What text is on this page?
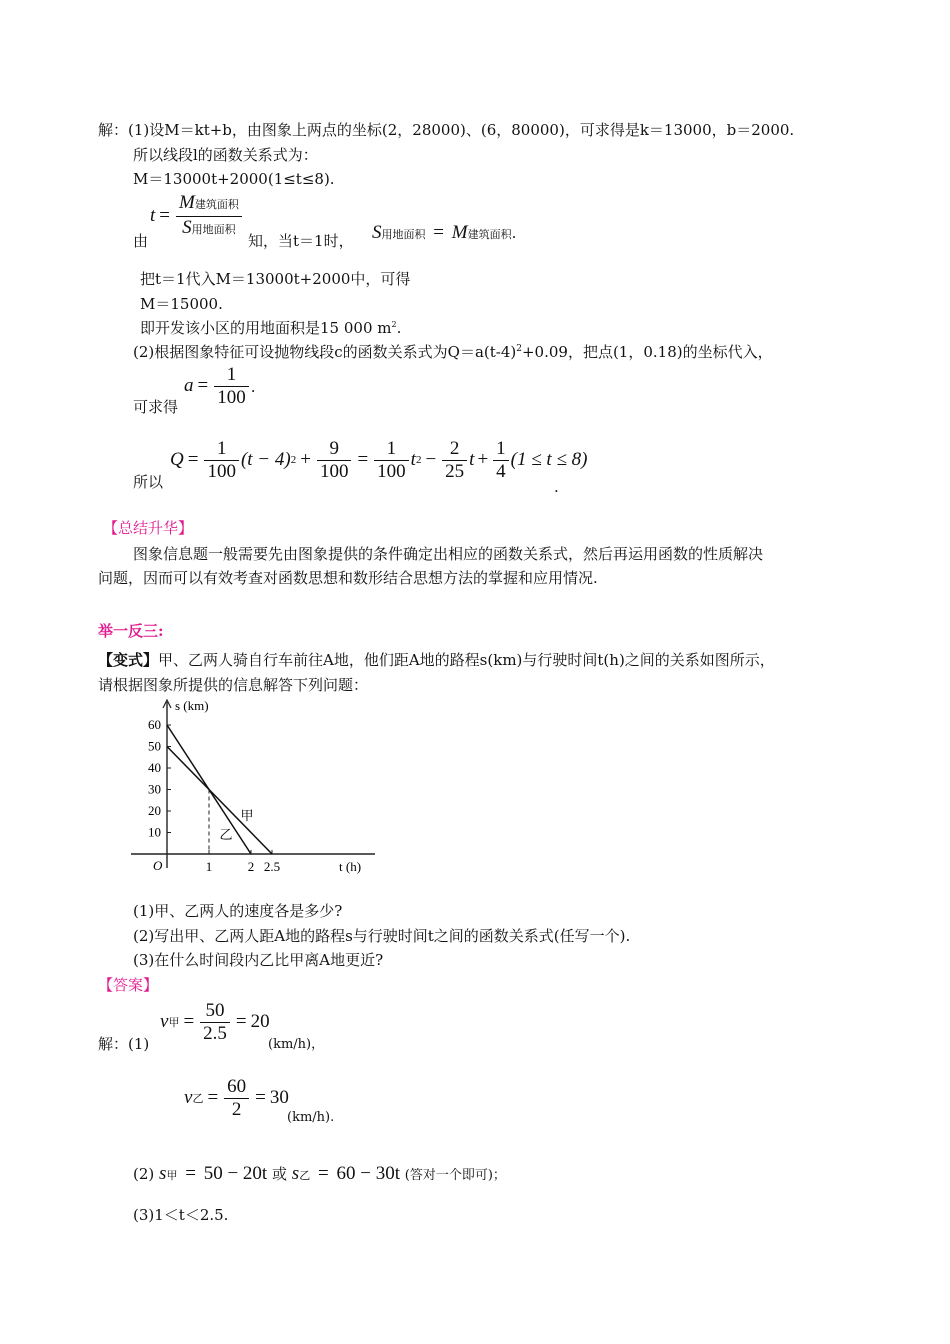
解：(1)设M＝kt+b，由图象上两点的坐标(2，28000)、(6，80000)，可求得是k＝13000，b＝2000.
所以线段l的函数关系式为：
M＝13000t+2000(1≤t≤8).
由
$t = \frac{\text{M建筑面积}}{\text{S用地面积}}$ 知，当t＝1时， S用地面积 = M建筑面积.
把t＝1代入M＝13000t+2000中，可得
M＝15000.
即开发该小区的用地面积是15 000 $m^2$.
(2)根据图象特征可设抛物线段c的函数关系式为$Q=a(t-4)^2+0.09$，把点(1，0.18)的坐标代入，
可求得
$a = \frac{1}{100}$ .
所以
$Q = \frac{1}{100} (t - 4) 2 + \frac{9}{100} = \frac{1}{100}$ t $2 - \frac{2}{25}$ $t + \frac{1}{4} (1 \le t \le 8)$
.
【总结升华】
图象信息题一般需要先由图象提供的条件确定出相应的函数关系式，然后再运用函数的性质解决
问题，因而可以有效考查对函数思想和数形结合思想方法的掌握和应用情况.
举一反三:
【变式】甲、乙两人骑自行车前往A地，他们距A地的路程s(km)与行驶时间t(h)之间的关系如图所示，
请根据图象所提供的信息解答下列问题：
10
20
30
40
50
60
1	2 2.5
O
s (km)
t (h)
甲
乙
(1)甲、乙两人的速度各是多少?
(2)写出甲、乙两人距A地的路程s与行驶时间t之间的函数关系式(任写一个).
(3)在什么时间段内乙比甲离A地更近?
【答案】
解：(1)
v 甲 = $\frac{50}{2.5} = 20$
(km/h)，
v 乙 = $\frac{60}{2} = 30$
(km/h).
(2) s甲 = 50 − 20t 或 s乙 = 60 − 30t (答对一个即可)；
(3)1＜t＜2.5.
